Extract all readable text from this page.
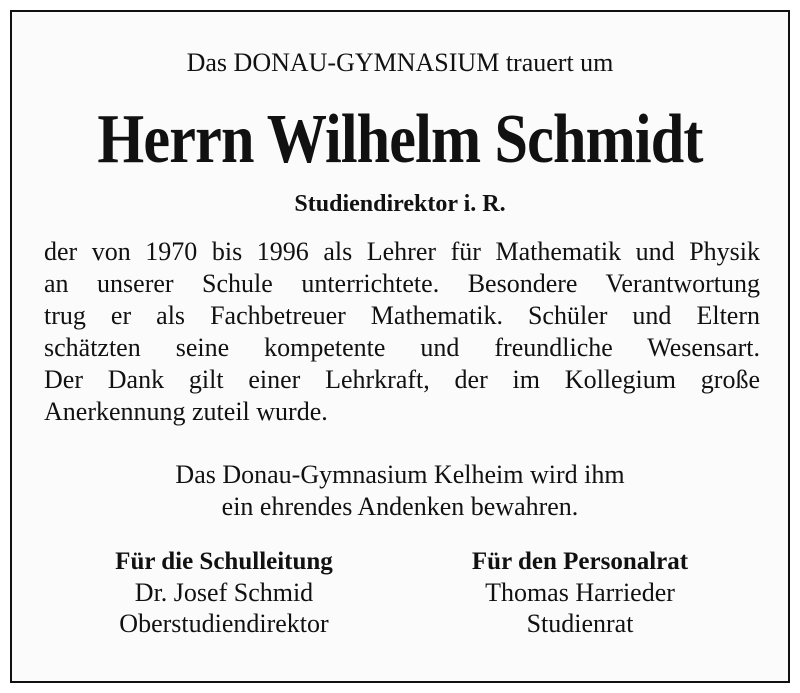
Das DONAU-GYMNASIUM trauert um
Herrn Wilhelm Schmidt
Studiendirektor i. R.
der von 1970 bis 1996 als Lehrer für Mathematik und Physik
an unserer Schule unterrichtete. Besondere Verantwortung
trug er als Fachbetreuer Mathematik. Schüler und Eltern
schätzten seine kompetente und freundliche Wesensart.
Der Dank gilt einer Lehrkraft, der im Kollegium große
Anerkennung zuteil wurde.
Das Donau-Gymnasium Kelheim wird ihm
ein ehrendes Andenken bewahren.
Für die Schulleitung
Dr. Josef Schmid
Oberstudiendirektor
Für den Personalrat
Thomas Harrieder
Studienrat
